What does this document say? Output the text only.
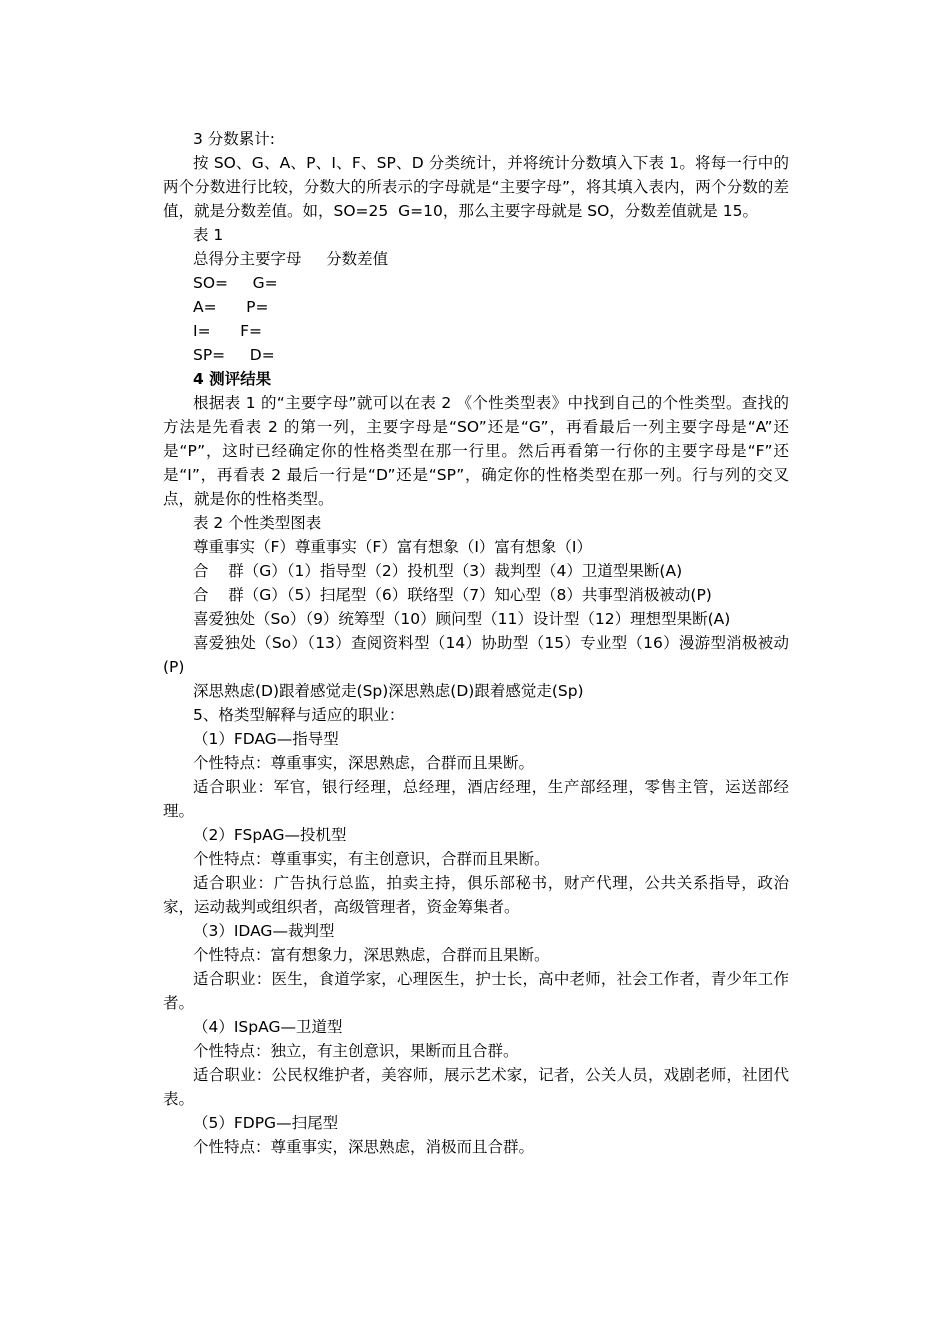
3 分数累计:

按 SO、G、A、P、I、F、SP、D 分类统计，并将统计分数填入下表 1。将每一行中的两个分数进行比较，分数大的所表示的字母就是“主要字母”，将其填入表内，两个分数的差值，就是分数差值。如，SO=25  G=10，那么主要字母就是 SO，分数差值就是 15。

表 1

总得分主要字母     分数差值

SO=     G=

A=      P=

I=      F=

SP=     D=

4 测评结果

根据表 1 的“主要字母”就可以在表 2 《个性类型表》中找到自己的个性类型。查找的方法是先看表 2 的第一列，主要字母是“SO”还是“G”，再看最后一列主要字母是“A”还是“P”，这时已经确定你的性格类型在那一行里。然后再看第一行你的主要字母是“F”还是“I”，再看表 2 最后一行是“D”还是“SP”，确定你的性格类型在那一列。行与列的交叉点，就是你的性格类型。

表 2 个性类型图表

尊重事实（F）尊重事实（F）富有想象（I）富有想象（I）

合    群（G）（1）指导型（2）投机型（3）裁判型（4）卫道型果断(A)

合    群（G）（5）扫尾型（6）联络型（7）知心型（8）共事型消极被动(P)

喜爱独处（So）（9）统筹型（10）顾问型（11）设计型（12）理想型果断(A)

喜爱独处（So）（13）查阅资料型（14）协助型（15）专业型（16）漫游型消极被动(P)

深思熟虑(D)跟着感觉走(Sp)深思熟虑(D)跟着感觉走(Sp)

5、格类型解释与适应的职业：

（1）FDAG—指导型

个性特点：尊重事实，深思熟虑，合群而且果断。

适合职业：军官，银行经理，总经理，酒店经理，生产部经理，零售主管，运送部经理。

（2）FSpAG—投机型

个性特点：尊重事实，有主创意识，合群而且果断。

适合职业：广告执行总监，拍卖主持，俱乐部秘书，财产代理，公共关系指导，政治家，运动裁判或组织者，高级管理者，资金筹集者。

（3）IDAG—裁判型

个性特点：富有想象力，深思熟虑，合群而且果断。

适合职业：医生，食道学家，心理医生，护士长，高中老师，社会工作者，青少年工作者。

（4）ISpAG—卫道型

个性特点：独立，有主创意识，果断而且合群。

适合职业：公民权维护者，美容师，展示艺术家，记者，公关人员，戏剧老师，社团代表。

（5）FDPG—扫尾型

个性特点：尊重事实，深思熟虑，消极而且合群。
